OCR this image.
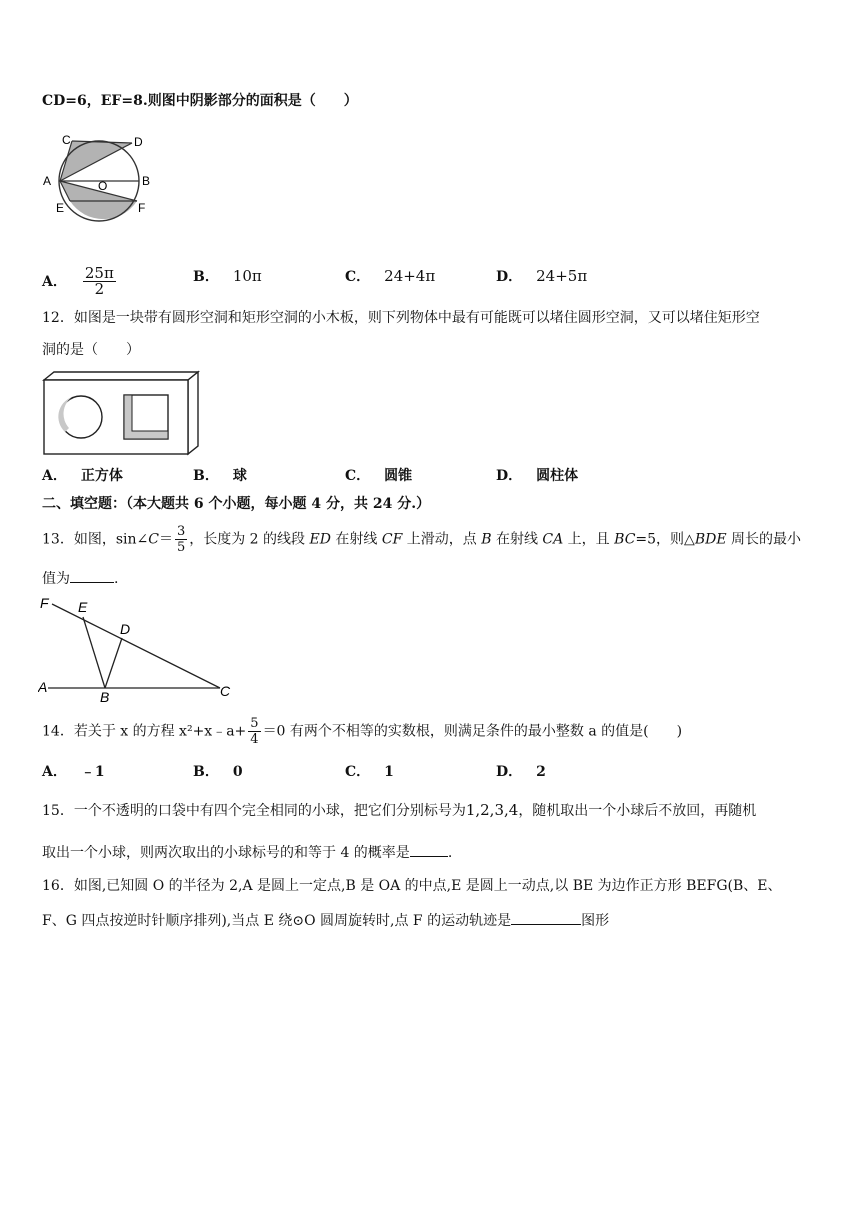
CD=6，EF=8.则图中阴影部分的面积是（　　）
C	D
A	O	B
E	F
A． $\frac{25\pi}{2}$	B． 10π	C． 24+4π	D． 24+5π
12．如图是一块带有圆形空洞和矩形空洞的小木板，则下列物体中最有可能既可以堵住圆形空洞，又可以堵住矩形空
洞的是（　　）
A． 正方体	B． 球	C． 圆锥	D． 圆柱体
二、填空题：（本大题共 6 个小题，每小题 4 分，共 24 分.）
13．如图，sin∠C＝ $\frac{3}{5}$ ，长度为 2 的线段 ED 在射线 CF 上滑动，点 B 在射线 CA 上，且 BC=5，则△BDE 周长的最小
值为	.
F E
D
A
B	C
14．若关于 x 的方程 x²+x﹣a+ $\frac{5}{4} =0$ 有两个不相等的实数根，则满足条件的最小整数 a 的值是(　　)
A． ﹣1	B． 0	C． 1	D． 2
15．一个不透明的口袋中有四个完全相同的小球，把它们分别标号为1,2,3,4，随机取出一个小球后不放回，再随机
取出一个小球，则两次取出的小球标号的和等于 4 的概率是	.
16．如图,已知圆 O 的半径为 2,A 是圆上一定点,B 是 OA 的中点,E 是圆上一动点,以 BE 为边作正方形 BEFG(B、E、
F、G 四点按逆时针顺序排列),当点 E 绕⊙O 圆周旋转时,点 F 的运动轨迹是	图形
